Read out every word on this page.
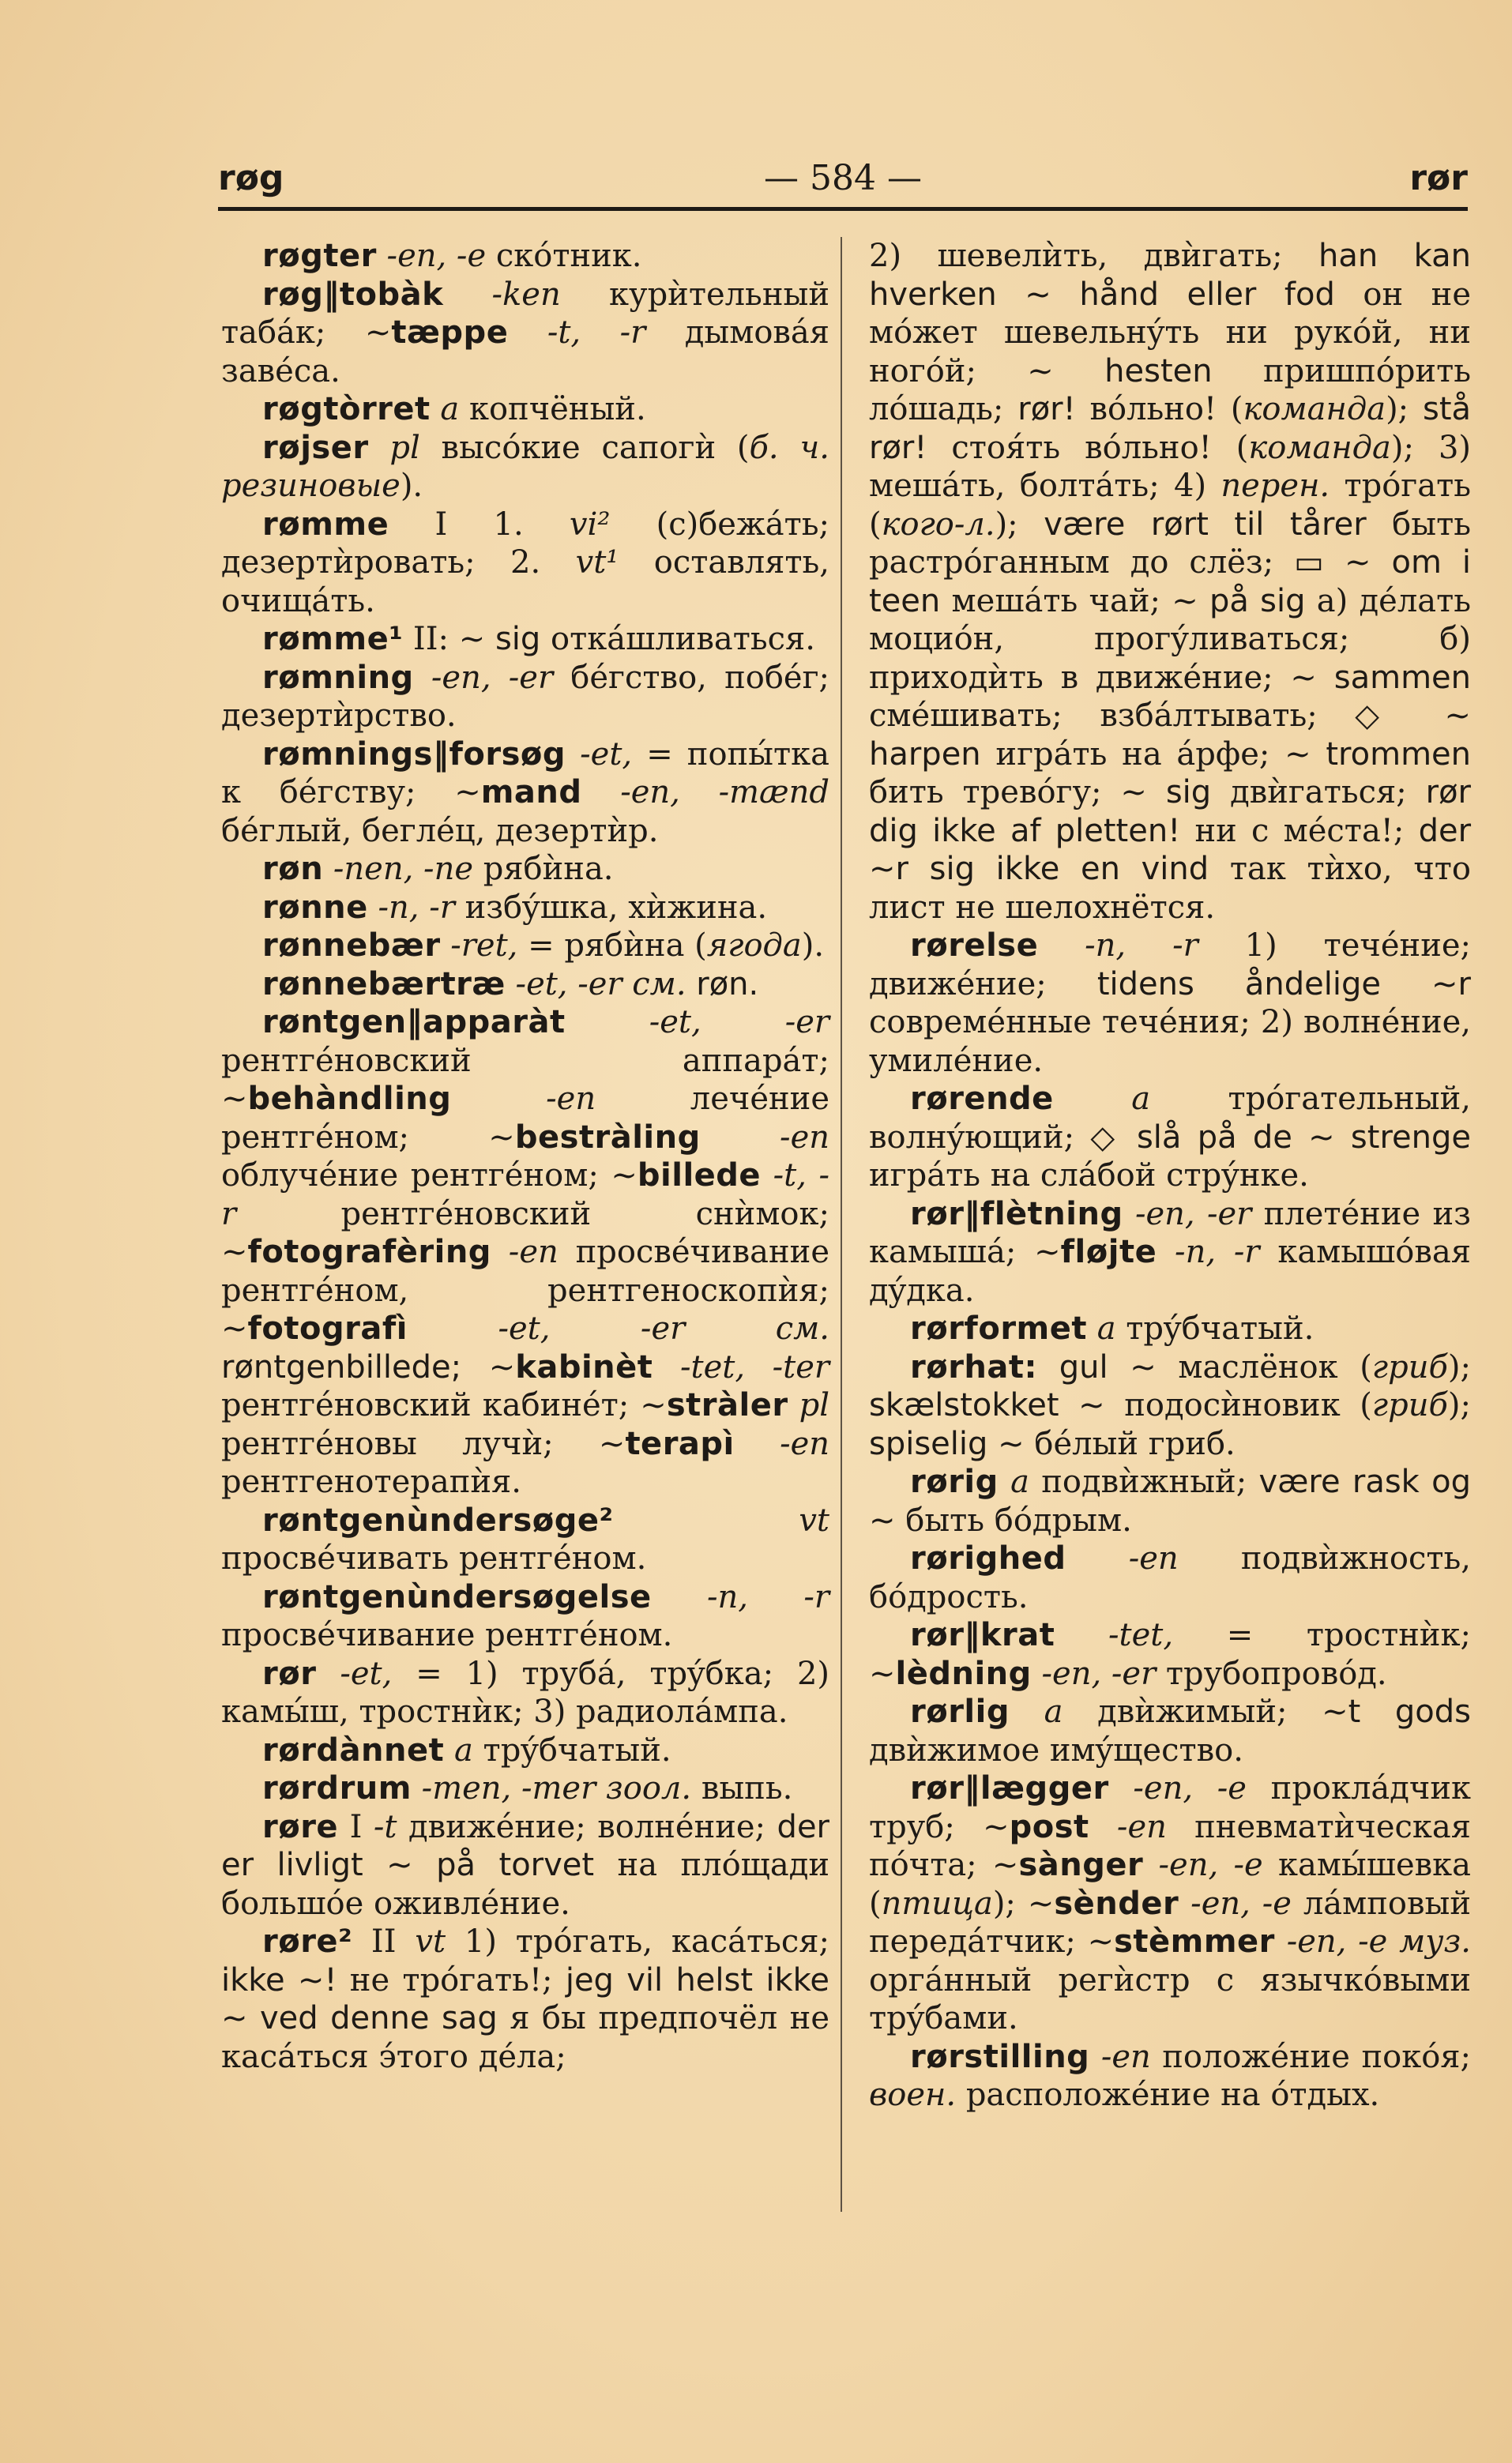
røg	— 584 —	rør

røgter -en, -e скóтник.

røg‖tobàk -ken курѝтельный табáк; ~tæppe -t, -r дымовáя завéса.

røgtòrret a копчёный.

røjser pl высóкие сапогѝ (б. ч. резиновые).

rømme I 1. vi² (с)бежáть; дезертѝровать; 2. vt¹ оставлять, очищáть.

rømme¹ II: ~ sig откáшливаться.

rømning -en, -er бéгство, побéг; дезертѝрство.

rømnings‖forsøg -et, = попы́тка к бéгству; ~mand -en, -mænd бéглый, беглéц, дезертѝр.

røn -nen, -ne рябѝна.

rønne -n, -r избýшка, хѝжина.

rønnebær -ret, = рябѝна (ягода).

rønnebærtræ -et, -er см. røn.

røntgen‖apparàt	-et, -er рентгéновский аппарáт; ~behàndling	-en лечéние рентгéном; ~bestràling	-en облучéние рентгéном; ~billede -t, -r рентгéновский снѝмок; ~fotografèring -en просвéчивание рентгéном, рентгеноскопѝя; ~fotografì	-et, -er см. røntgenbillede; ~kabinèt -tet, -ter рентгéновский кабинéт; ~stràler pl рентгéновы лучѝ; ~terapì -en рентгенотерапѝя.

røntgenùndersøge²	vt просвéчивать рентгéном.

røntgenùndersøgelse -n, -r просвéчивание рентгéном.

rør -et, = 1) трубá, трýбка; 2) камы́ш, тростнѝк; 3) радиолáмпа.

rørdànnet a трýбчатый.

rørdrum -men, -mer зоол. выпь.

røre I -t движéние; волнéние; der er livligt ~ på torvet на плóщади большóе оживлéние.

røre² II vt 1) трóгать, касáться; ikke ~! не трóгать!; jeg vil helst ikke ~ ved denne sag я бы предпочёл не касáться э́того дéла;

2) шевелѝть, двѝгать; han kan hverken ~ hånd eller fod он не мóжет шевельнýть ни рукóй, ни ногóй; ~ hesten пришпóрить лóшадь; rør! вóльно! (команда); stå rør! стоя́ть вóльно! (команда); 3) мешáть, болтáть; 4) перен. трóгать (кого-л.); være rørt til tårer быть растрóганным до слёз; ▭ ~ om i teen мешáть чай; ~ på sig а) дéлать моциóн, прогýливаться; б) приходѝть в движéние; ~ sammen смéшивать; взбáлтывать; ◇ ~ harpen игрáть на áрфе; ~ trommen бить тревóгу; ~ sig двѝгаться; rør dig ikke af pletten! ни с мéста!; der ~r sig ikke en vind так тѝхо, что лист не шелохнётся.

rørelse -n, -r 1) течéние; движéние; tidens åndelige ~r совремéнные течéния; 2) волнéние, умилéние.

rørende a трóгательный, волнýющий; ◇ slå på de ~ strenge игрáть на слáбой стрýнке.

rør‖flètning -en, -er плетéние из камышá; ~fløjte -n, -r камышóвая дýдка.

rørformet a трýбчатый.

rørhat: gul ~ маслёнок (гриб); skælstokket ~ подосѝновик (гриб); spiselig ~ бéлый гриб.

rørig a подвѝжный; være rask og ~ быть бóдрым.

rørighed -en подвѝжность, бóдрость.

rør‖krat -tet, = тростнѝк; ~lèdning -en, -er трубопровóд.

rørlig a двѝжимый; ~t gods двѝжимое имýщество.

rør‖lægger -en, -e проклáдчик труб; ~post -en пневматѝческая пóчта; ~sànger -en, -e камы́шевка (птица); ~sènder -en, -e лáмповый передáтчик; ~stèmmer -en, -e муз. оргáнный регѝстр с язычкóвыми трýбами.

rørstilling -en положéние покóя; воен. расположéние на óтдых.
